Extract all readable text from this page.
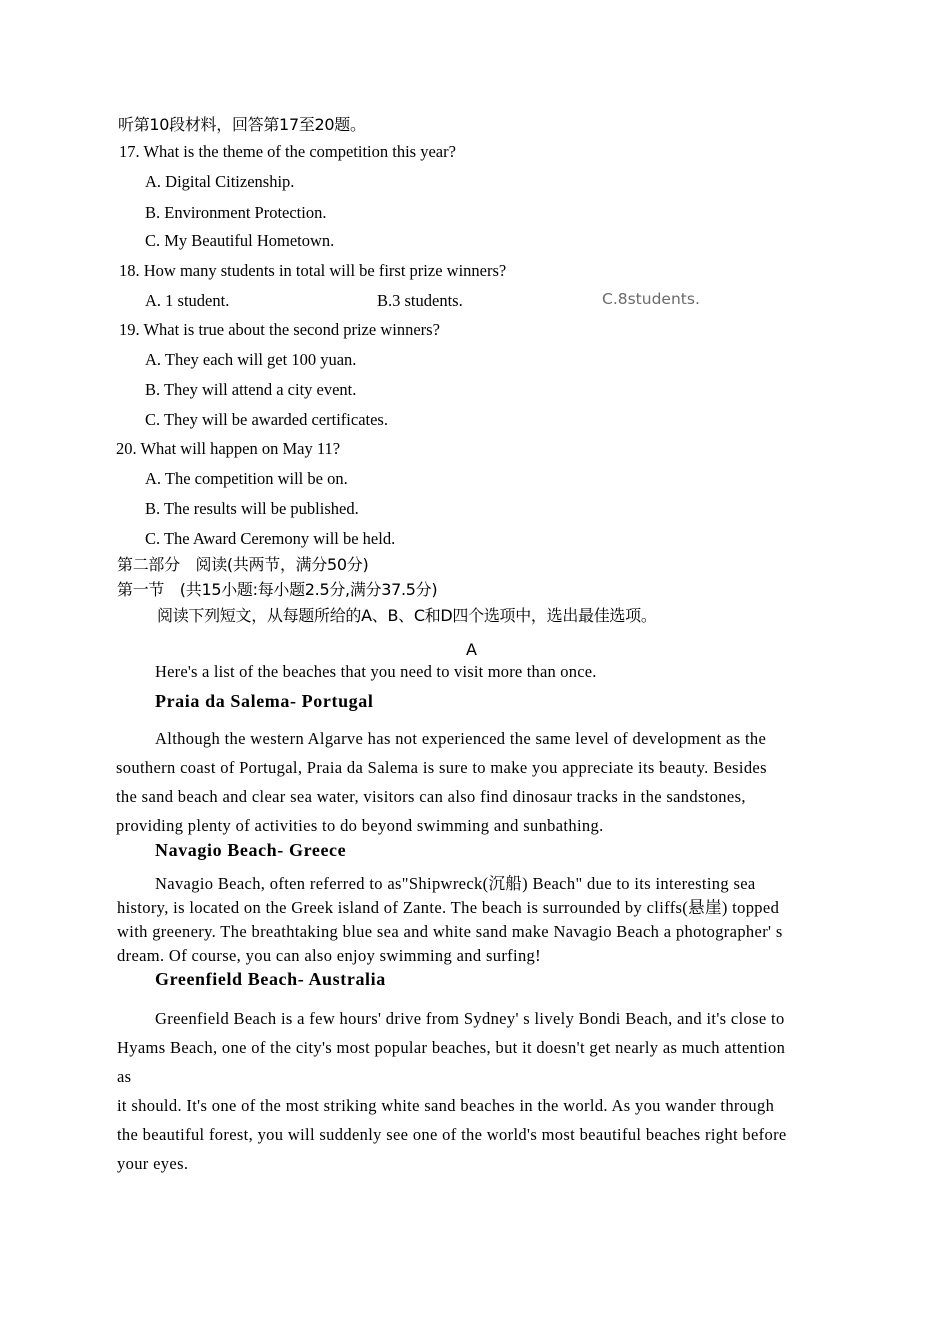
听第10段材料，回答第17至20题。
17. What is the theme of the competition this year?
A. Digital Citizenship.
B. Environment Protection.
C. My Beautiful Hometown.
18. How many students in total will be first prize winners?
A. 1 student.	B.3 students.	C.8students.
19. What is true about the second prize winners?
A. They each will get 100 yuan.
B. They will attend a city event.
C. They will be awarded certificates.
20. What will happen on May 11?
A. The competition will be on.
B. The results will be published.
C. The Award Ceremony will be held.
第二部分　阅读(共两节，满分50分)
第一节　(共15小题:每小题2.5分,满分37.5分)
阅读下列短文，从每题所给的A、B、C和D四个选项中，选出最佳选项。
A
Here's a list of the beaches that you need to visit more than once.
Praia da Salema- Portugal
Although the western Algarve has not experienced the same level of development as the
southern coast of Portugal, Praia da Salema is sure to make you appreciate its beauty. Besides
the sand beach and clear sea water, visitors can also find dinosaur tracks in the sandstones,
providing plenty of activities to do beyond swimming and sunbathing.
Navagio Beach- Greece
Navagio Beach, often referred to as"Shipwreck(沉船) Beach" due to its interesting sea
history, is located on the Greek island of Zante. The beach is surrounded by cliffs(悬崖) topped
with greenery. The breathtaking blue sea and white sand make Navagio Beach a photographer' s
dream. Of course, you can also enjoy swimming and surfing!
Greenfield Beach- Australia
Greenfield Beach is a few hours' drive from Sydney' s lively Bondi Beach, and it's close to
Hyams Beach, one of the city's most popular beaches, but it doesn't get nearly as much attention
as
it should. It's one of the most striking white sand beaches in the world. As you wander through
the beautiful forest, you will suddenly see one of the world's most beautiful beaches right before
your eyes.
